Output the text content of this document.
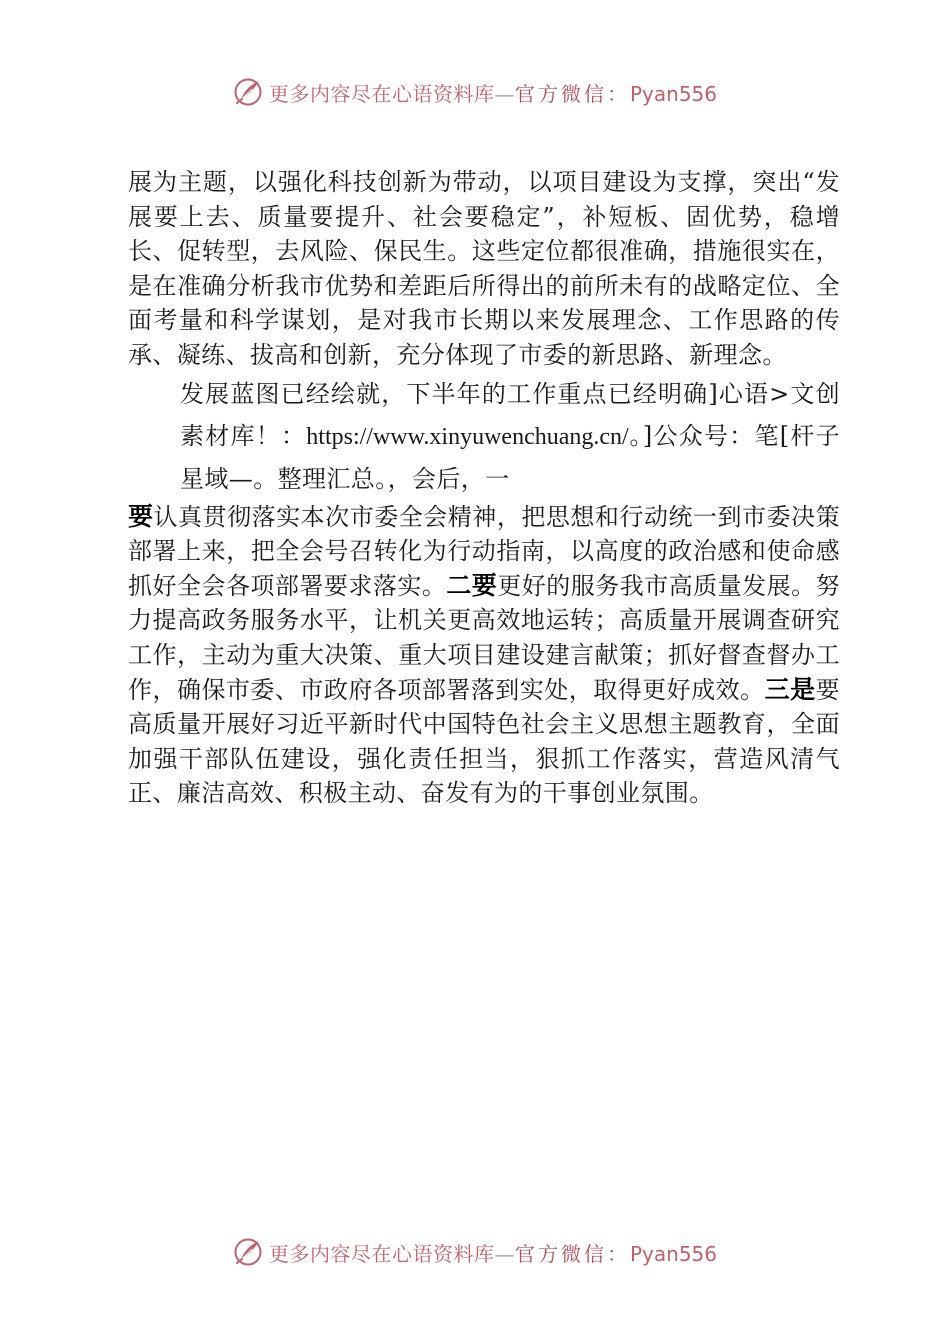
更多内容尽在心语资料库—官方微信：Pyan556

展为主题，以强化科技创新为带动，以项目建设为支撑，突出“发展要上去、质量要提升、社会要稳定”，补短板、固优势，稳增长、促转型，去风险、保民生。这些定位都很准确，措施很实在， 是在准确分析我市优势和差距后所得出的前所未有的战略定位、全面考量和科学谋划，是对我市长期以来发展理念、工作思路的传承、凝练、拔高和创新，充分体现了市委的新思路、新理念。

发展蓝图已经绘就，下半年的工作重点已经明确]心语>文创素材库！：https://www.xinyuwenchuang.cn/。]公众号：笔[杆子星域—。整理汇总。，会后，一

要认真贯彻落实本次市委全会精神，把思想和行动统一到市委决策部署上来，把全会号召转化为行动指南，以高度的政治感和使命感抓好全会各项部署要求落实。二要更好的服务我市高质量发展。努力提高政务服务水平，让机关更高效地运转；高质量开展调查研究工作，主动为重大决策、重大项目建设建言献策；抓好督查督办工作，确保市委、市政府各项部署落到实处，取得更好成效。三是要高质量开展好习近平新时代中国特色社会主义思想主题教育，全面加强干部队伍建设，强化责任担当，狠抓工作落实，营造风清气正、廉洁高效、积极主动、奋发有为的干事创业氛围。

更多内容尽在心语资料库—官方微信：Pyan556
